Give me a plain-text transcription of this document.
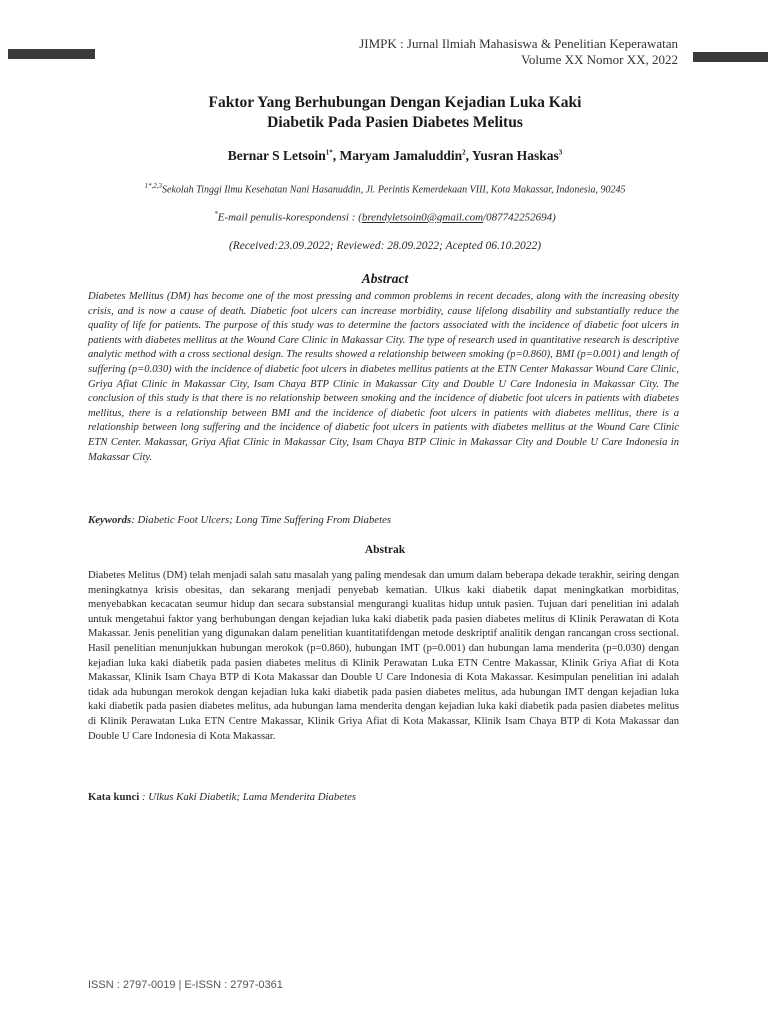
JIMPK : Jurnal Ilmiah Mahasiswa & Penelitian Keperawatan
Volume XX Nomor XX, 2022
Faktor Yang Berhubungan Dengan Kejadian Luka Kaki
Diabetik Pada Pasien Diabetes Melitus
Bernar S Letsoin$^{1*}$, Maryam Jamaluddin$^2$, Yusran Haskas$^3$
$^{1*,2,3}$Sekolah Tinggi Ilmu Kesehatan Nani Hasanuddin, Jl. Perintis Kemerdekaan VIII, Kota Makassar, Indonesia, 90245
*E-mail penulis-korespondensi : (brendyletsoin0@gmail.com/087742252694)
(Received:23.09.2022; Reviewed: 28.09.2022; Acepted 06.10.2022)
Abstract

Diabetes Mellitus (DM) has become one of the most pressing and common problems in recent decades, along with the increasing obesity crisis, and is now a cause of death. Diabetic foot ulcers can increase morbidity, cause lifelong disability and substantially reduce the quality of life for patients. The purpose of this study was to determine the factors associated with the incidence of diabetic foot ulcers in patients with diabetes mellitus at the Wound Care Clinic in Makassar City. The type of research used in quantitative research is descriptive analytic method with a cross sectional design. The results showed a relationship between smoking (p=0.860), BMI (p=0.001) and length of suffering (p=0.030) with the incidence of diabetic foot ulcers in diabetes mellitus patients at the ETN Center Makassar Wound Care Clinic, Griya Afiat Clinic in Makassar City, Isam Chaya BTP Clinic in Makassar City and Double U Care Indonesia in Makassar City. The conclusion of this study is that there is no relationship between smoking and the incidence of diabetic foot ulcers in patients with diabetes mellitus, there is a relationship between BMI and the incidence of diabetic foot ulcers in patients with diabetes mellitus, there is a relationship between long suffering and the incidence of diabetic foot ulcers in patients with diabetes mellitus at the Wound Care Clinic ETN Center. Makassar, Griya Afiat Clinic in Makassar City, Isam Chaya BTP Clinic in Makassar City and Double U Care Indonesia in Makassar City.

Keywords: Diabetic Foot Ulcers; Long Time Suffering From Diabetes
Abstrak

Diabetes Melitus (DM) telah menjadi salah satu masalah yang paling mendesak dan umum dalam beberapa dekade terakhir, seiring dengan meningkatnya krisis obesitas, dan sekarang menjadi penyebab kematian. Ulkus kaki diabetik dapat meningkatkan morbiditas, menyebabkan kecacatan seumur hidup dan secara substansial mengurangi kualitas hidup untuk pasien. Tujuan dari penelitian ini adalah untuk mengetahui faktor yang berhubungan dengan kejadian luka kaki diabetik pada pasien diabetes melitus di Klinik Perawatan di Kota Makassar. Jenis penelitian yang digunakan dalam penelitian kuantitatifdengan metode deskriptif analitik dengan rancangan cross sectional. Hasil penelitian menunjukkan hubungan merokok (p=0.860), hubungan IMT (p=0.001) dan hubungan lama menderita (p=0.030) dengan kejadian luka kaki diabetik pada pasien diabetes melitus di Klinik Perawatan Luka ETN Centre Makassar, Klinik Griya Afiat di Kota Makassar, Klinik Isam Chaya BTP di Kota Makassar dan Double U Care Indonesia di Kota Makassar. Kesimpulan penelitian ini adalah tidak ada hubungan merokok dengan kejadian luka kaki diabetik pada pasien diabetes melitus, ada hubungan IMT dengan kejadian luka kaki diabetik pada pasien diabetes melitus, ada hubungan lama menderita dengan kejadian luka kaki diabetik pada pasien diabetes melitus di Klinik Perawatan Luka ETN Centre Makassar, Klinik Griya Afiat di Kota Makassar, Klinik Isam Chaya BTP di Kota Makassar dan Double U Care Indonesia di Kota Makassar.

Kata kunci : Ulkus Kaki Diabetik; Lama Menderita Diabetes
ISSN : 2797-0019 | E-ISSN : 2797-0361
